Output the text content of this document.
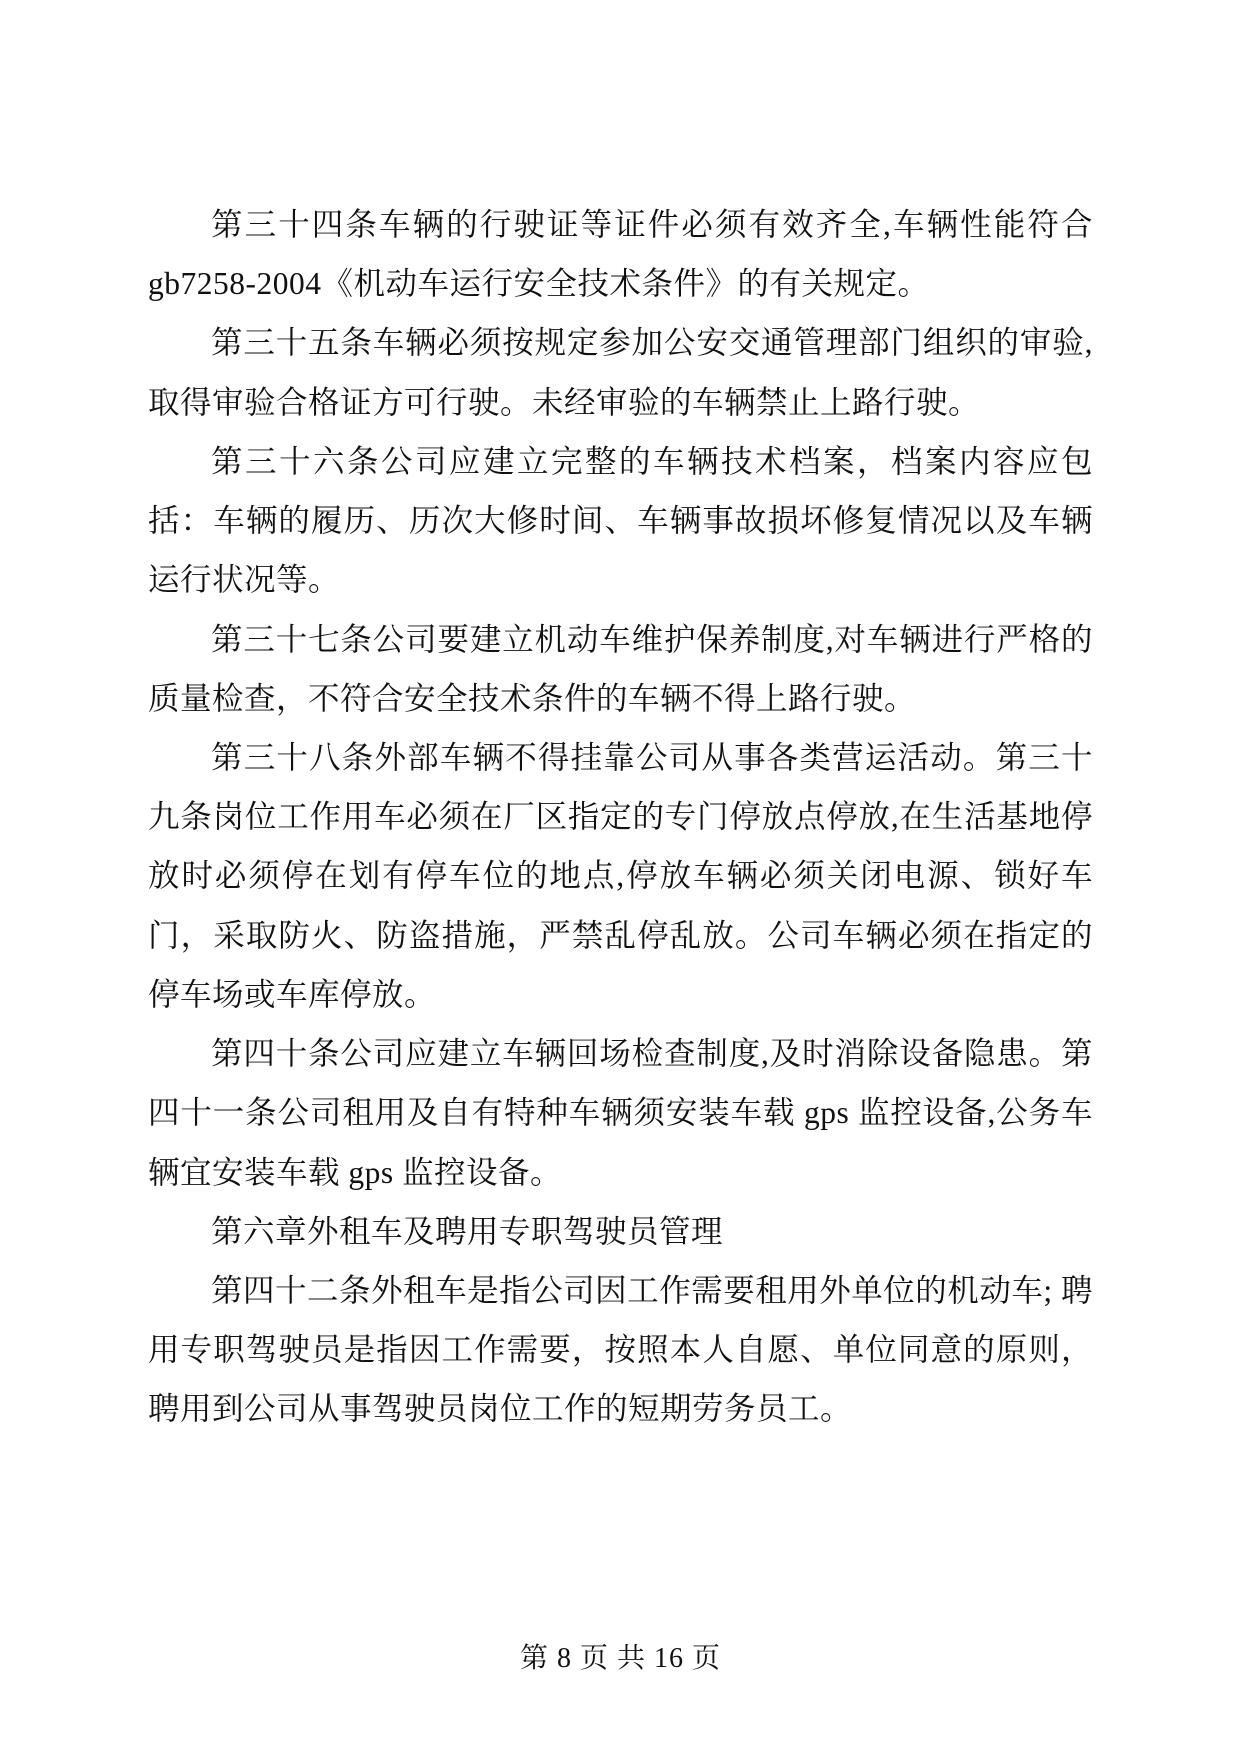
第三十四条车辆的行驶证等证件必须有效齐全,车辆性能符合 gb7258-2004《机动车运行安全技术条件》的有关规定。

第三十五条车辆必须按规定参加公安交通管理部门组织的审验,取得审验合格证方可行驶。未经审验的车辆禁止上路行驶。

第三十六条公司应建立完整的车辆技术档案，档案内容应包括：车辆的履历、历次大修时间、车辆事故损坏修复情况以及车辆运行状况等。

第三十七条公司要建立机动车维护保养制度,对车辆进行严格的质量检查，不符合安全技术条件的车辆不得上路行驶。

第三十八条外部车辆不得挂靠公司从事各类营运活动。第三十九条岗位工作用车必须在厂区指定的专门停放点停放,在生活基地停放时必须停在划有停车位的地点,停放车辆必须关闭电源、锁好车门，采取防火、防盗措施，严禁乱停乱放。公司车辆必须在指定的停车场或车库停放。

第四十条公司应建立车辆回场检查制度,及时消除设备隐患。第四十一条公司租用及自有特种车辆须安装车载 gps 监控设备,公务车辆宜安装车载 gps 监控设备。

第六章外租车及聘用专职驾驶员管理

第四十二条外租车是指公司因工作需要租用外单位的机动车; 聘用专职驾驶员是指因工作需要，按照本人自愿、单位同意的原则，聘用到公司从事驾驶员岗位工作的短期劳务员工。

第 8 页 共 16 页
